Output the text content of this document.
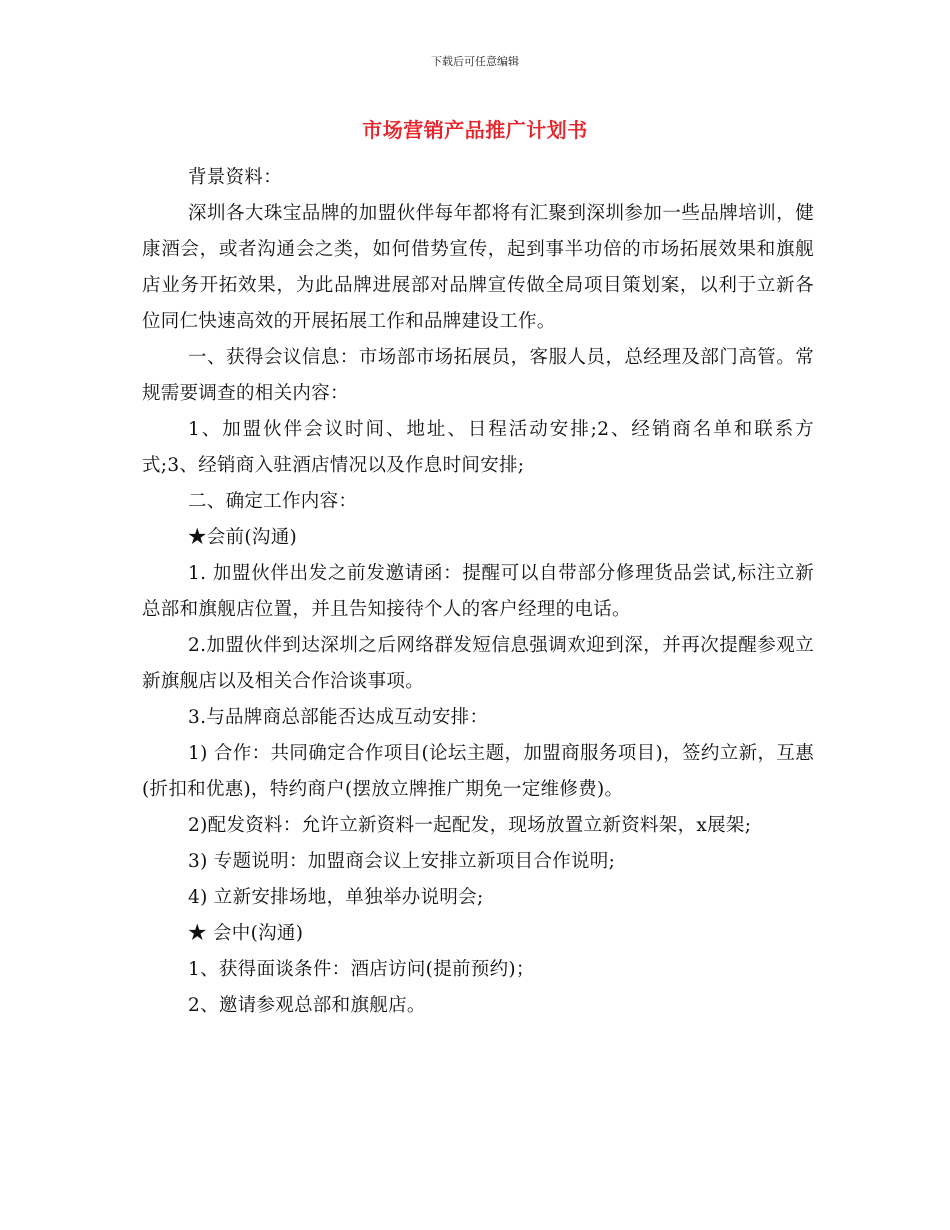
下载后可任意编辑
市场营销产品推广计划书

背景资料：

深圳各大珠宝品牌的加盟伙伴每年都将有汇聚到深圳参加一些品牌培训，健康酒会，或者沟通会之类，如何借势宣传，起到事半功倍的市场拓展效果和旗舰店业务开拓效果，为此品牌进展部对品牌宣传做全局项目策划案，以利于立新各位同仁快速高效的开展拓展工作和品牌建设工作。

一、获得会议信息：市场部市场拓展员，客服人员，总经理及部门高管。常规需要调查的相关内容：

1、加盟伙伴会议时间、地址、日程活动安排;2、经销商名单和联系方式;3、经销商入驻酒店情况以及作息时间安排;

二、确定工作内容：

★会前(沟通)

1. 加盟伙伴出发之前发邀请函：提醒可以自带部分修理货品尝试,标注立新总部和旗舰店位置，并且告知接待个人的客户经理的电话。

2.加盟伙伴到达深圳之后网络群发短信息强调欢迎到深，并再次提醒参观立新旗舰店以及相关合作洽谈事项。

3.与品牌商总部能否达成互动安排：

1) 合作：共同确定合作项目(论坛主题，加盟商服务项目)，签约立新，互惠(折扣和优惠)，特约商户(摆放立牌推广期免一定维修费)。

2)配发资料：允许立新资料一起配发，现场放置立新资料架，x展架;

3) 专题说明：加盟商会议上安排立新项目合作说明;

4) 立新安排场地，单独举办说明会;

★ 会中(沟通)

1、获得面谈条件：酒店访问(提前预约)；

2、邀请参观总部和旗舰店。
